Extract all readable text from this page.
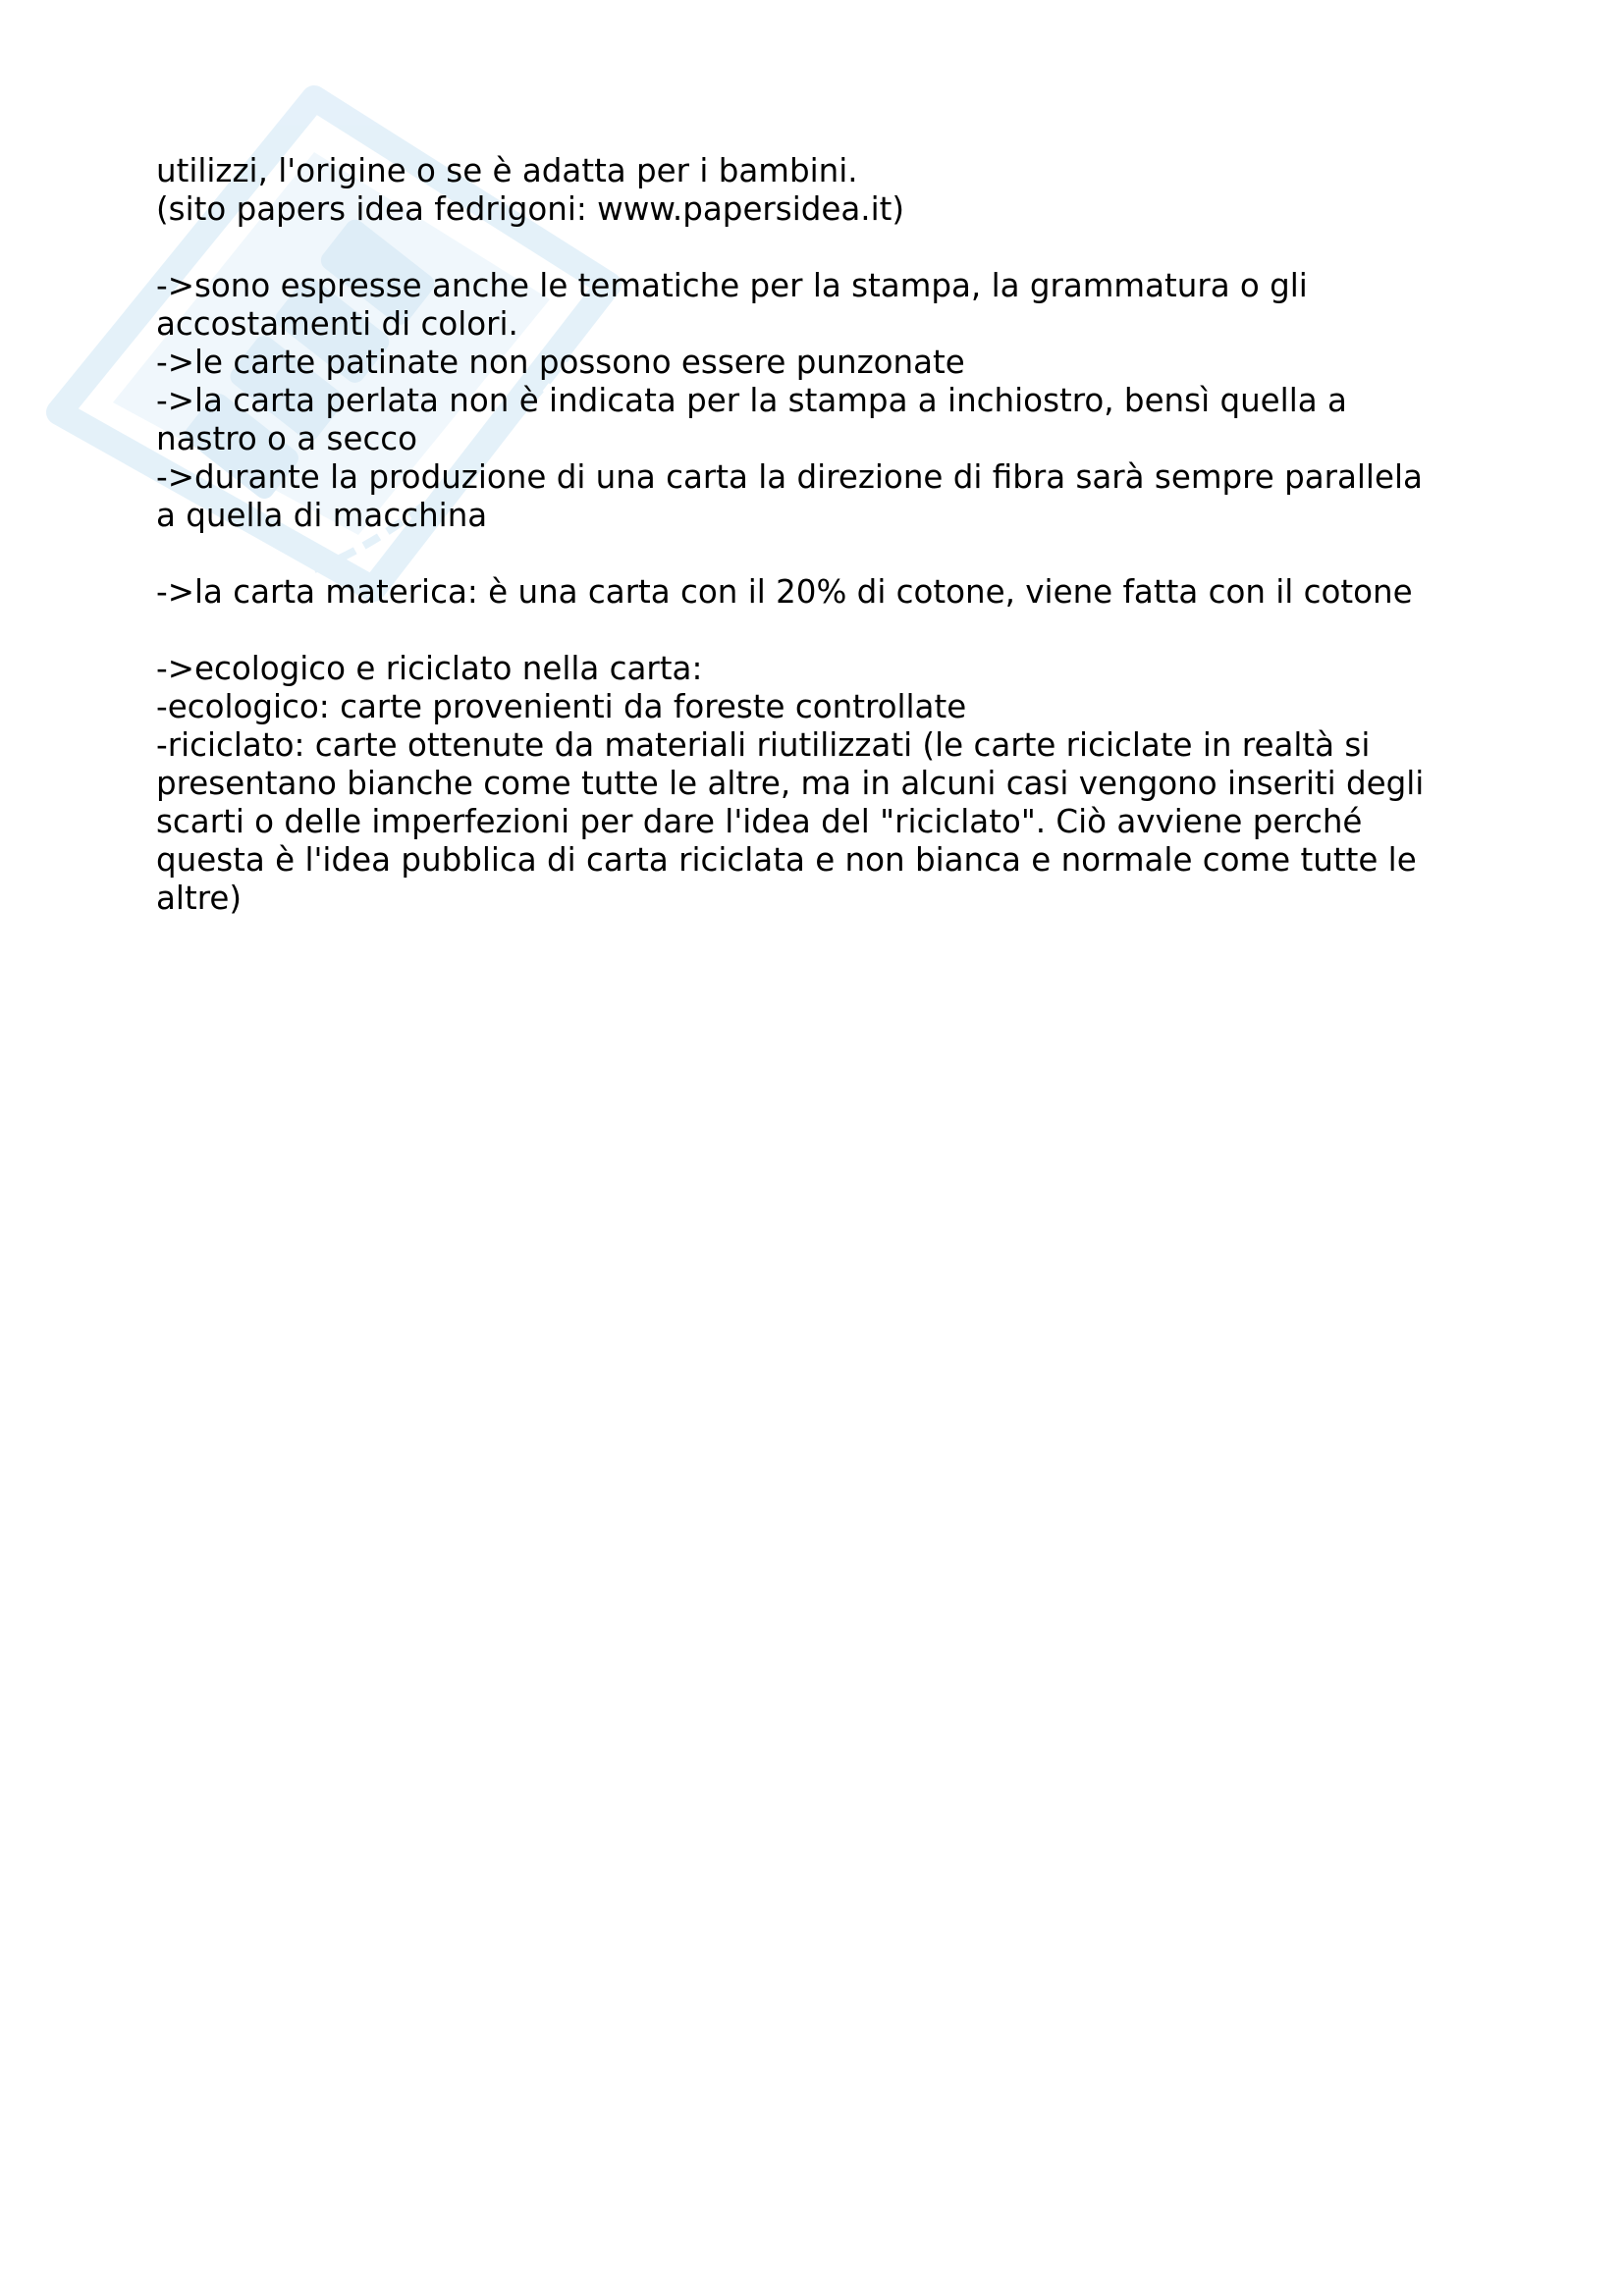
utilizzi, l'origine o se è adatta per i bambini.
(sito papers idea fedrigoni: www.papersidea.it)
->sono espresse anche le tematiche per la stampa, la grammatura o gli
accostamenti di colori.
->le carte patinate non possono essere punzonate
->la carta perlata non è indicata per la stampa a inchiostro, bensì quella a
nastro o a secco
->durante la produzione di una carta la direzione di fibra sarà sempre parallela
a quella di macchina
->la carta materica: è una carta con il 20% di cotone, viene fatta con il cotone
->ecologico e riciclato nella carta:
-ecologico: carte provenienti da foreste controllate
-riciclato: carte ottenute da materiali riutilizzati (le carte riciclate in realtà si
presentano bianche come tutte le altre, ma in alcuni casi vengono inseriti degli
scarti o delle imperfezioni per dare l'idea del "riciclato". Ciò avviene perché
questa è l'idea pubblica di carta riciclata e non bianca e normale come tutte le
altre)
